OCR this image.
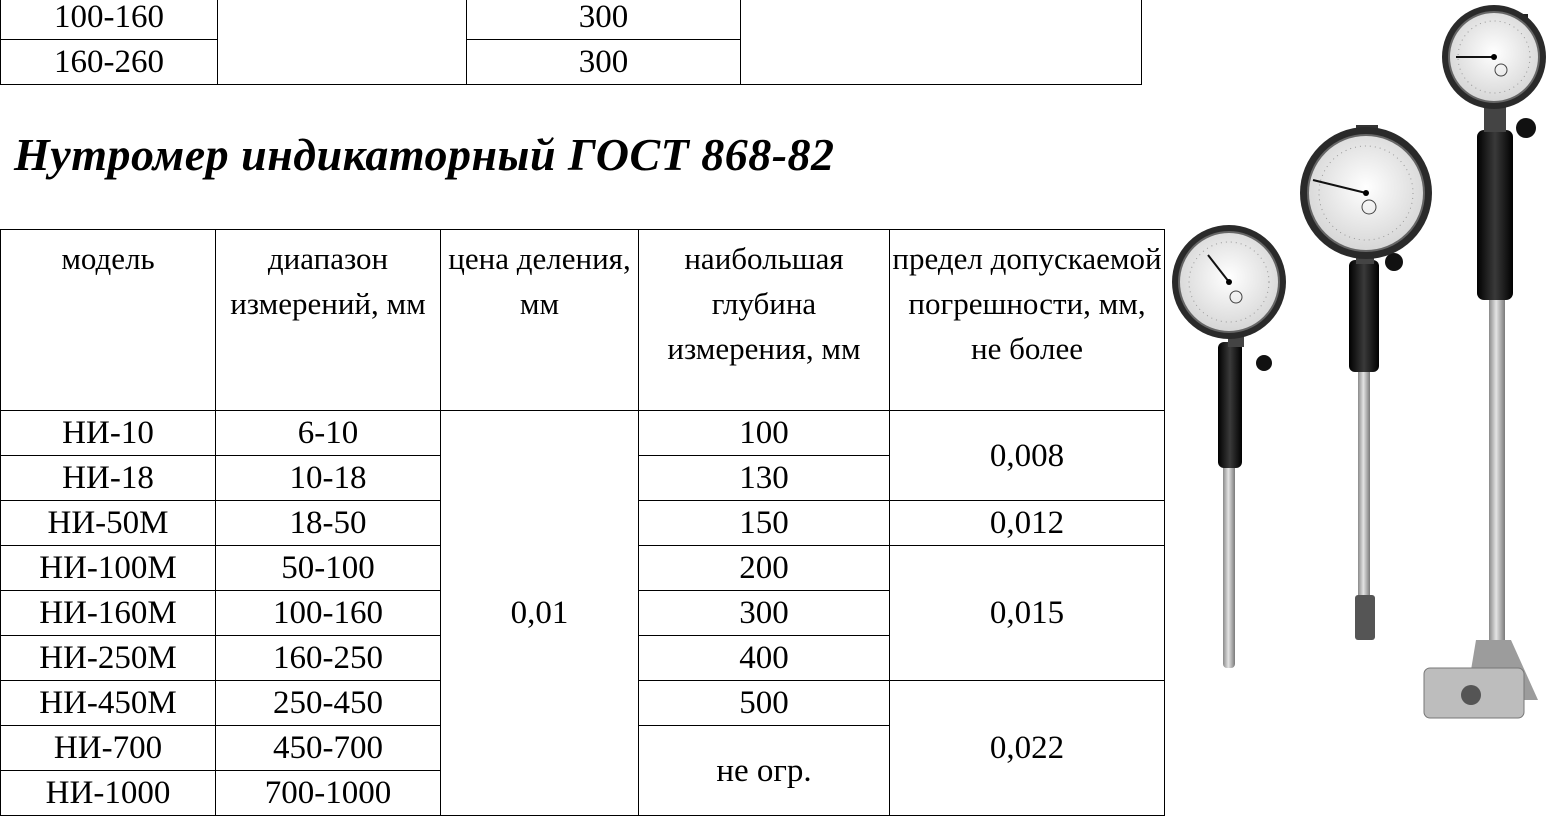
100-160		300	
160-260		300	
Нутромер индикаторный ГОСТ 868-82
модель	диапазон измерений, мм	цена деления, мм	наибольшая глубина измерения, мм	предел допускаемой погрешности, мм, не более
НИ-10	6-10	0,01	100	0,008
НИ-18	10-18		130	
НИ-50М	18-50		150	0,012
НИ-100М	50-100		200	0,015
НИ-160М	100-160		300	
НИ-250М	160-250		400	
НИ-450М	250-450		500	0,022
НИ-700	450-700		не огр.	
НИ-1000	700-1000			
